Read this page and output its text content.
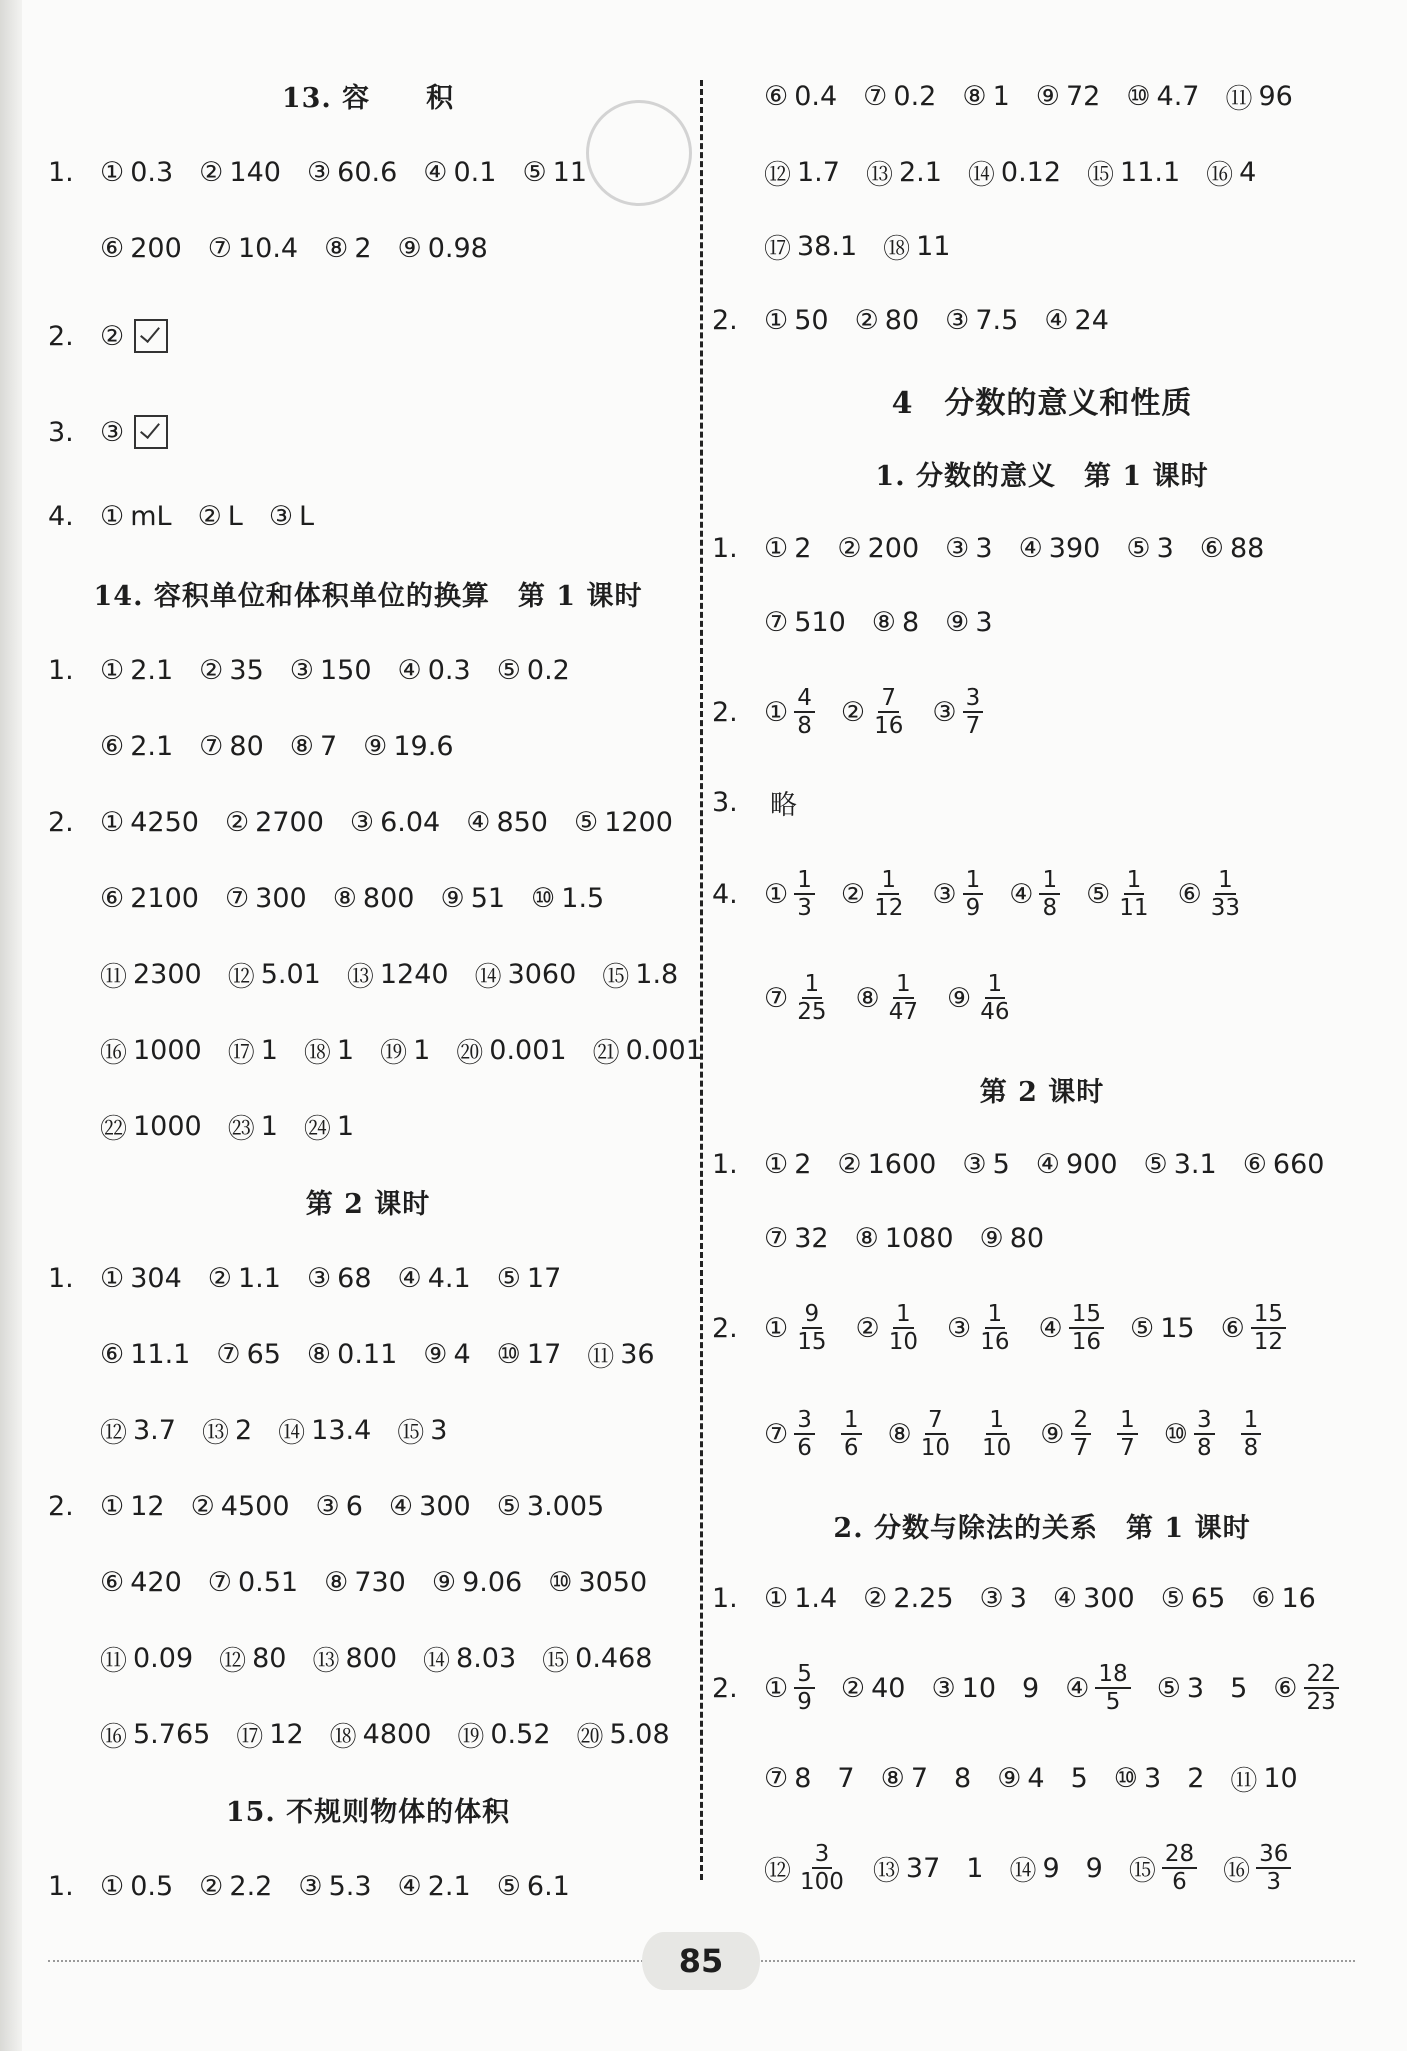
13. 容　　积
1. ① 0.3 ② 140 ③ 60.6 ④ 0.1 ⑤ 11
⑥ 200 ⑦ 10.4 ⑧ 2 ⑨ 0.98
2. ②
3. ③
4. ① mL ② L ③ L
14. 容积单位和体积单位的换算　第 1 课时
1. ① 2.1 ② 35 ③ 150 ④ 0.3 ⑤ 0.2
⑥ 2.1 ⑦ 80 ⑧ 7 ⑨ 19.6
2. ① 4250 ② 2700 ③ 6.04 ④ 850 ⑤ 1200
⑥ 2100 ⑦ 300 ⑧ 800 ⑨ 51 ⑩ 1.5
⑪ 2300 ⑫ 5.01 ⑬ 1240 ⑭ 3060 ⑮ 1.8
⑯ 1000 ⑰ 1 ⑱ 1 ⑲ 1 ⑳ 0.001 ㉑ 0.001
㉒ 1000 ㉓ 1 ㉔ 1
第 2 课时
1. ① 304 ② 1.1 ③ 68 ④ 4.1 ⑤ 17
⑥ 11.1 ⑦ 65 ⑧ 0.11 ⑨ 4 ⑩ 17 ⑪ 36
⑫ 3.7 ⑬ 2 ⑭ 13.4 ⑮ 3
2. ① 12 ② 4500 ③ 6 ④ 300 ⑤ 3.005
⑥ 420 ⑦ 0.51 ⑧ 730 ⑨ 9.06 ⑩ 3050
⑪ 0.09 ⑫ 80 ⑬ 800 ⑭ 8.03 ⑮ 0.468
⑯ 5.765 ⑰ 12 ⑱ 4800 ⑲ 0.52 ⑳ 5.08
15. 不规则物体的体积
1. ① 0.5 ② 2.2 ③ 5.3 ④ 2.1 ⑤ 6.1
⑥ 0.4 ⑦ 0.2 ⑧ 1 ⑨ 72 ⑩ 4.7 ⑪ 96
⑫ 1.7 ⑬ 2.1 ⑭ 0.12 ⑮ 11.1 ⑯ 4
⑰ 38.1 ⑱ 11
2. ① 50 ② 80 ③ 7.5 ④ 24
4　分数的意义和性质
1. 分数的意义　第 1 课时
1. ① 2 ② 200 ③ 3 ④ 390 ⑤ 3 ⑥ 88
⑦ 510 ⑧ 8 ⑨ 3
2. ① $\frac{4}{8}$ ② $\frac{7}{16}$ ③ $\frac{3}{7}$
3.	略
4. ① $\frac{1}{3}$ ② $\frac{1}{12}$ ③ $\frac{1}{9}$ ④ $\frac{1}{8}$ ⑤ $\frac{1}{11}$ ⑥ $\frac{1}{33}$
⑦ $\frac{1}{25}$ ⑧ $\frac{1}{47}$ ⑨ $\frac{1}{46}$
第 2 课时
1. ① 2 ② 1600 ③ 5 ④ 900 ⑤ 3.1 ⑥ 660
⑦ 32 ⑧ 1080 ⑨ 80
2. ① $\frac{9}{15}$ ② $\frac{1}{10}$ ③ $\frac{1}{16}$ ④ $\frac{15}{16}$ ⑤ 15 ⑥ $\frac{15}{12}$
⑦ $\frac{3}{6} \frac{1}{6}$ ⑧ $\frac{7}{10} \frac{1}{10}$ ⑨ $\frac{2}{7} \frac{1}{7}$ ⑩ $\frac{3}{8} \frac{1}{8}$
2. 分数与除法的关系　第 1 课时
1. ① 1.4 ② 2.25 ③ 3 ④ 300 ⑤ 65 ⑥ 16
2. ① $\frac{5}{9}$ ② 40 ③ 10 9 ④ $\frac{18}{5}$ ⑤ 3 5 ⑥ $\frac{22}{23}$
⑦ 8 7 ⑧ 7 8 ⑨ 4 5 ⑩ 3 2 ⑪ 10
⑫ $\frac{3}{100}$ ⑬ 37 1 ⑭ 9 9 ⑮ $\frac{28}{6}$ ⑯ $\frac{36}{3}$
85
